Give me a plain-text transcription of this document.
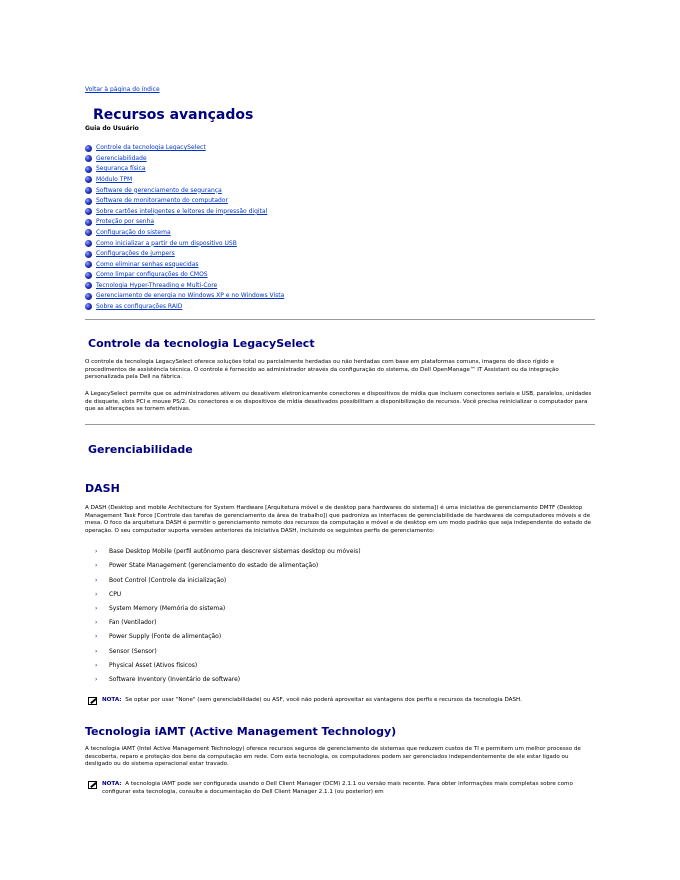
Voltar à página do índice
Recursos avançados
Guia do Usuário
Controle da tecnologia LegacySelect
Gerenciabilidade
Segurança física
Módulo TPM
Software de gerenciamento de segurança
Software de monitoramento do computador
Sobre cartões inteligentes e leitores de impressão digital
Proteção por senha
Configuração do sistema
Como inicializar a partir de um dispositivo USB
Configurações de jumpers
Como eliminar senhas esquecidas
Como limpar configurações do CMOS
Tecnologia Hyper-Threading e Multi-Core
Gerenciamento de energia no Windows XP e no Windows Vista
Sobre as configurações RAID
Controle da tecnologia LegacySelect

O controle da tecnologia LegacySelect oferece soluções total ou parcialmente herdadas ou não herdadas com base em plataformas comuns, imagens do disco rígido e procedimentos de assistência técnica. O controle é fornecido ao administrador através da configuração do sistema, do Dell OpenManage™ IT Assistant ou da integração personalizada pela Dell na fábrica.

A LegacySelect permite que os administradores ativem ou desativem eletronicamente conectores e dispositivos de mídia que incluem conectores seriais e USB, paralelos, unidades de disquete, slots PCI e mouse PS/2. Os conectores e os dispositivos de mídia desativados possibilitam a disponibilização de recursos. Você precisa reinicializar o computador para que as alterações se tornem efetivas.

Gerenciabilidade
DASH

A DASH (Desktop and mobile Architecture for System Hardware [Arquitetura móvel e de desktop para hardwares do sistema]) é uma iniciativa de gerenciamento DMTF (Desktop Management Task Force [Controle das tarefas de gerenciamento da área de trabalho]) que padroniza as interfaces de gerenciabilidade de hardwares de computadores móveis e de mesa. O foco da arquitetura DASH é permitir o gerenciamento remoto dos recursos da computação e móvel e de desktop em um modo padrão que seja independente do estado de operação. O seu computador suporta versões anteriores da iniciativa DASH, incluindo os seguintes perfis de gerenciamento:

›	Base Desktop Mobile (perfil autônomo para descrever sistemas desktop ou móveis)
›	Power State Management (gerenciamento do estado de alimentação)
›	Boot Control (Controle da inicialização)
›	CPU
›	System Memory (Memória do sistema)
›	Fan (Ventilador)
›	Power Supply (Fonte de alimentação)
›	Sensor (Sensor)
›	Physical Asset (Ativos físicos)
›	Software Inventory (Inventário de software)
NOTA: Se optar por usar "None" (sem gerenciabilidade) ou ASF, você não poderá aproveitar as vantagens dos perfis e recursos da tecnologia DASH.
Tecnologia iAMT (Active Management Technology)

A tecnologia iAMT (Intel Active Management Technology) oferece recursos seguros de gerenciamento de sistemas que reduzem custos de TI e permitem um melhor processo de descoberta, reparo e proteção dos bens da computação em rede. Com esta tecnologia, os computadores podem ser gerenciados independentemente de ele estar ligado ou desligado ou do sistema operacional estar travado.

NOTA: A tecnologia iAMT pode ser configurada usando o Dell Client Manager (DCM) 2.1.1 ou versão mais recente. Para obter informações mais completas sobre como configurar esta tecnologia, consulte a documentação do Dell Client Manager 2.1.1 (ou posterior) em
